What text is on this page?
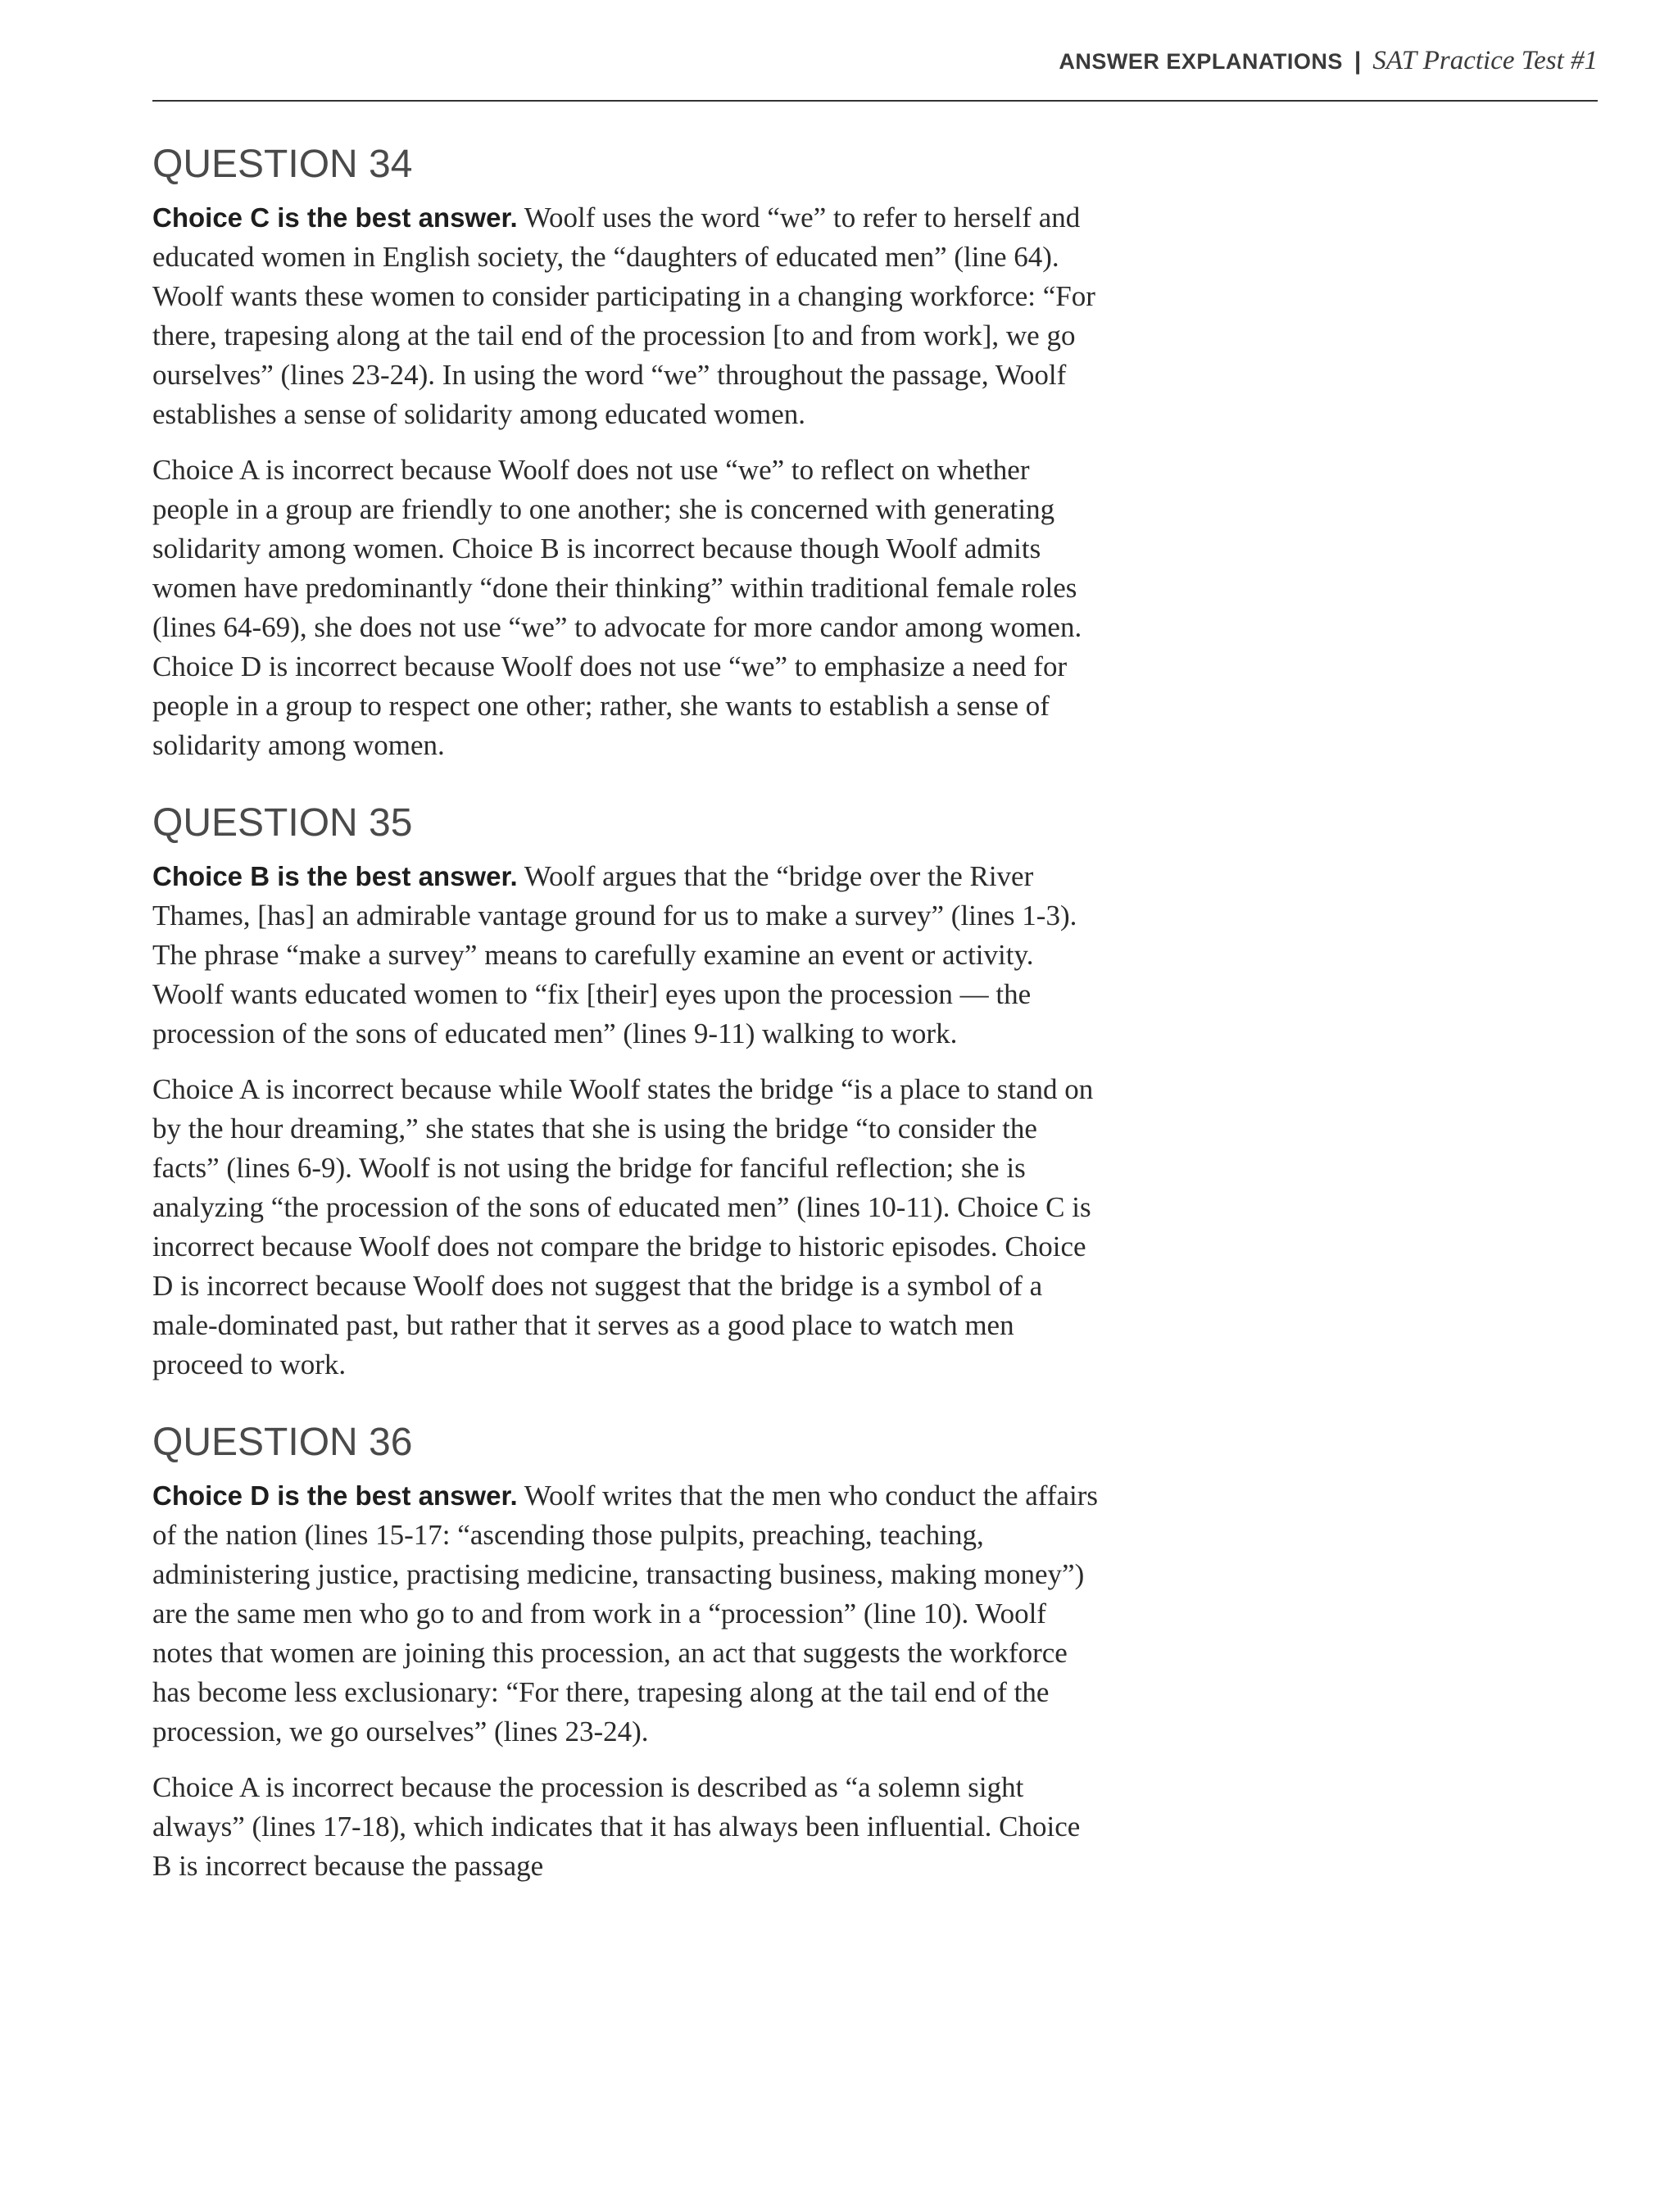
ANSWER EXPLANATIONS | SAT Practice Test #1
QUESTION 34

Choice C is the best answer. Woolf uses the word “we” to refer to herself and educated women in English society, the “daughters of educated men” (line 64). Woolf wants these women to consider participating in a changing workforce: “For there, trapesing along at the tail end of the procession [to and from work], we go ourselves” (lines 23-24). In using the word “we” throughout the passage, Woolf establishes a sense of solidarity among educated women.

Choice A is incorrect because Woolf does not use “we” to reflect on whether people in a group are friendly to one another; she is concerned with generating solidarity among women. Choice B is incorrect because though Woolf admits women have predominantly “done their thinking” within traditional female roles (lines 64-69), she does not use “we” to advocate for more candor among women. Choice D is incorrect because Woolf does not use “we” to emphasize a need for people in a group to respect one other; rather, she wants to establish a sense of solidarity among women.

QUESTION 35

Choice B is the best answer. Woolf argues that the “bridge over the River Thames, [has] an admirable vantage ground for us to make a survey” (lines 1-3). The phrase “make a survey” means to carefully examine an event or activity. Woolf wants educated women to “fix [their] eyes upon the procession — the procession of the sons of educated men” (lines 9-11) walking to work.

Choice A is incorrect because while Woolf states the bridge “is a place to stand on by the hour dreaming,” she states that she is using the bridge “to consider the facts” (lines 6-9). Woolf is not using the bridge for fanciful reflection; she is analyzing “the procession of the sons of educated men” (lines 10-11). Choice C is incorrect because Woolf does not compare the bridge to historic episodes. Choice D is incorrect because Woolf does not suggest that the bridge is a symbol of a male-dominated past, but rather that it serves as a good place to watch men proceed to work.

QUESTION 36

Choice D is the best answer. Woolf writes that the men who conduct the affairs of the nation (lines 15-17: “ascending those pulpits, preaching, teaching, administering justice, practising medicine, transacting business, making money”) are the same men who go to and from work in a “procession” (line 10). Woolf notes that women are joining this procession, an act that suggests the workforce has become less exclusionary: “For there, trapesing along at the tail end of the procession, we go ourselves” (lines 23-24).

Choice A is incorrect because the procession is described as “a solemn sight always” (lines 17-18), which indicates that it has always been influential. Choice B is incorrect because the passage
